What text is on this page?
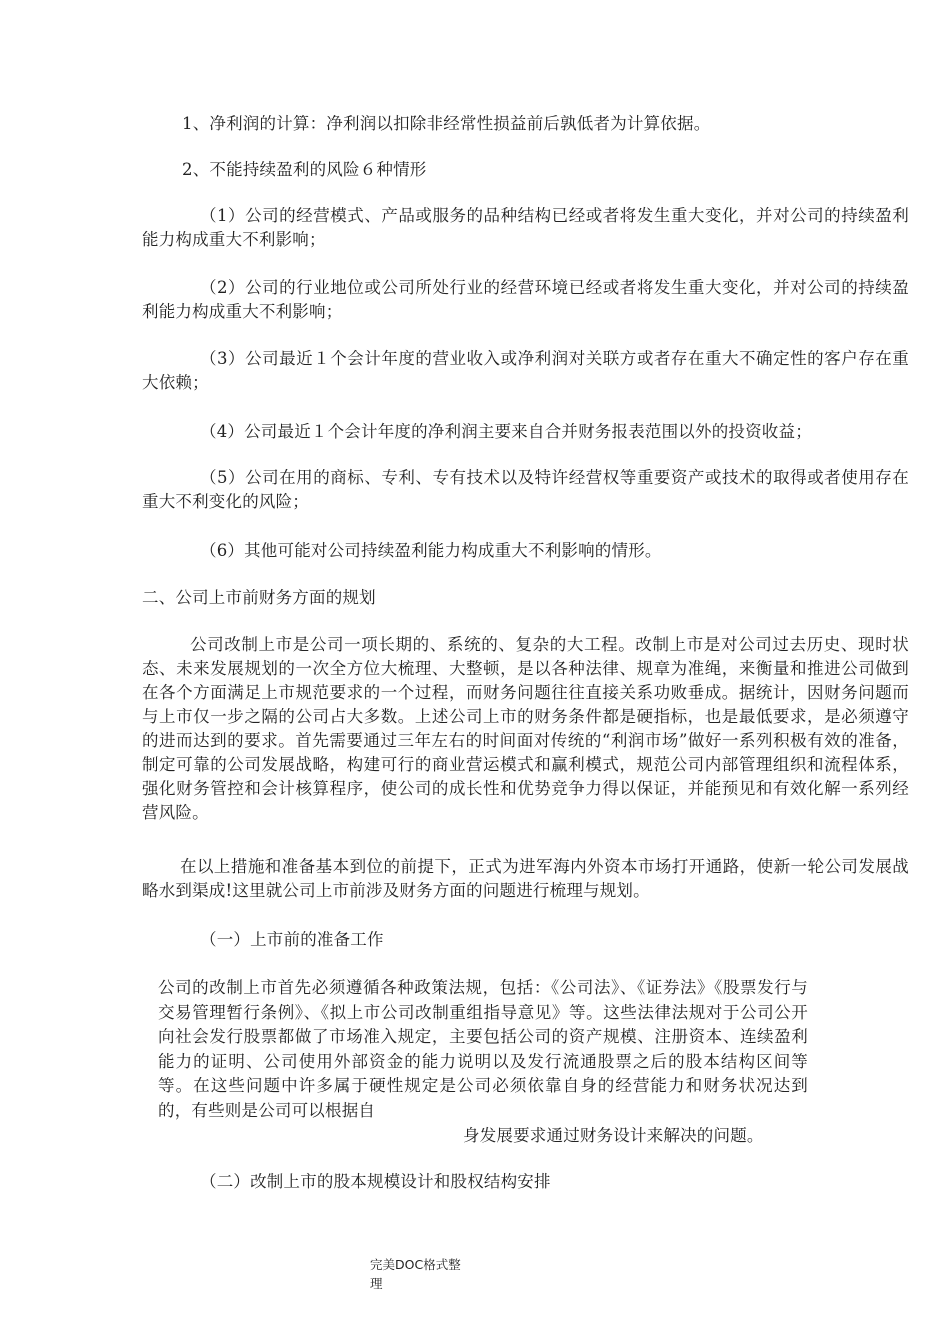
1、净利润的计算：净利润以扣除非经常性损益前后孰低者为计算依据。
2、不能持续盈利的风险６种情形
（1）公司的经营模式、产品或服务的品种结构已经或者将发生重大变化，并对公司的持续盈利能力构成重大不利影响；
（2）公司的行业地位或公司所处行业的经营环境已经或者将发生重大变化，并对公司的持续盈利能力构成重大不利影响；
（3）公司最近１个会计年度的营业收入或净利润对关联方或者存在重大不确定性的客户存在重大依赖；
（4）公司最近１个会计年度的净利润主要来自合并财务报表范围以外的投资收益；
（5）公司在用的商标、专利、专有技术以及特许经营权等重要资产或技术的取得或者使用存在重大不利变化的风险；
（6）其他可能对公司持续盈利能力构成重大不利影响的情形。
二、公司上市前财务方面的规划
公司改制上市是公司一项长期的、系统的、复杂的大工程。改制上市是对公司过去历史、现时状态、未来发展规划的一次全方位大梳理、大整顿，是以各种法律、规章为准绳，来衡量和推进公司做到在各个方面满足上市规范要求的一个过程，而财务问题往往直接关系功败垂成。据统计，因财务问题而与上市仅一步之隔的公司占大多数。上述公司上市的财务条件都是硬指标，也是最低要求，是必须遵守的进而达到的要求。首先需要通过三年左右的时间面对传统的“利润市场”做好一系列积极有效的准备，制定可靠的公司发展战略，构建可行的商业营运模式和赢利模式，规范公司内部管理组织和流程体系，强化财务管控和会计核算程序，使公司的成长性和优势竞争力得以保证，并能预见和有效化解一系列经营风险。
在以上措施和准备基本到位的前提下，正式为进军海内外资本市场打开通路，使新一轮公司发展战略水到渠成!这里就公司上市前涉及财务方面的问题进行梳理与规划。
（一）上市前的准备工作
公司的改制上市首先必须遵循各种政策法规，包括：《公司法》、《证券法》《股票发行与交易管理暂行条例》、《拟上市公司改制重组指导意见》等。这些法律法规对于公司公开向社会发行股票都做了市场准入规定，主要包括公司的资产规模、注册资本、连续盈利能力的证明、公司使用外部资金的能力说明以及发行流通股票之后的股本结构区间等等。在这些问题中许多属于硬性规定是公司必须依靠自身的经营能力和财务状况达到的，有些则是公司可以根据自
身发展要求通过财务设计来解决的问题。
（二）改制上市的股本规模设计和股权结构安排
完美DOC格式整
理
